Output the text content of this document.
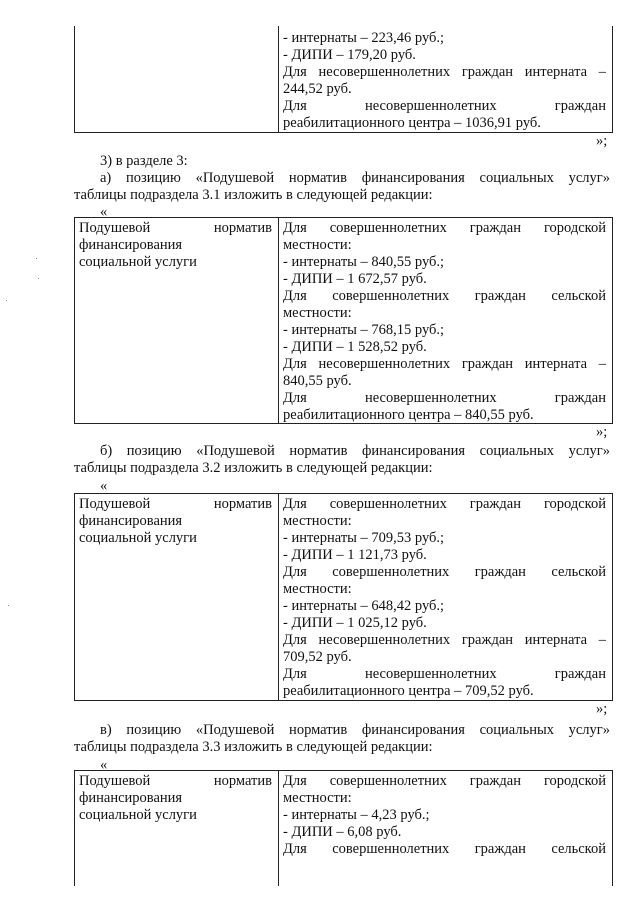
- интернаты – 223,46 руб.;
- ДИПИ – 179,20 руб.
Для несовершеннолетних граждан интерната –
244,52 руб.
Для несовершеннолетних граждан
реабилитационного центра – 1036,91 руб.
»;
3) в разделе 3:
а) позицию «Подушевой норматив финансирования социальных услуг»
таблицы подраздела 3.1 изложить в следующей редакции:
«
Подушевой норматив
финансирования
социальной услуги
Для совершеннолетних граждан городской
местности:
- интернаты – 840,55 руб.;
- ДИПИ – 1 672,57 руб.
Для совершеннолетних граждан сельской
местности:
- интернаты – 768,15 руб.;
- ДИПИ – 1 528,52 руб.
Для несовершеннолетних граждан интерната –
840,55 руб.
Для несовершеннолетних граждан
реабилитационного центра – 840,55 руб.
»;
б) позицию «Подушевой норматив финансирования социальных услуг»
таблицы подраздела 3.2 изложить в следующей редакции:
«
Подушевой норматив
финансирования
социальной услуги
Для совершеннолетних граждан городской
местности:
- интернаты – 709,53 руб.;
- ДИПИ – 1 121,73 руб.
Для совершеннолетних граждан сельской
местности:
- интернаты – 648,42 руб.;
- ДИПИ – 1 025,12 руб.
Для несовершеннолетних граждан интерната –
709,52 руб.
Для несовершеннолетних граждан
реабилитационного центра – 709,52 руб.
»;
в) позицию «Подушевой норматив финансирования социальных услуг»
таблицы подраздела 3.3 изложить в следующей редакции:
«
Подушевой норматив
финансирования
социальной услуги
Для совершеннолетних граждан городской
местности:
- интернаты – 4,23 руб.;
- ДИПИ – 6,08 руб.
Для совершеннолетних граждан сельской
